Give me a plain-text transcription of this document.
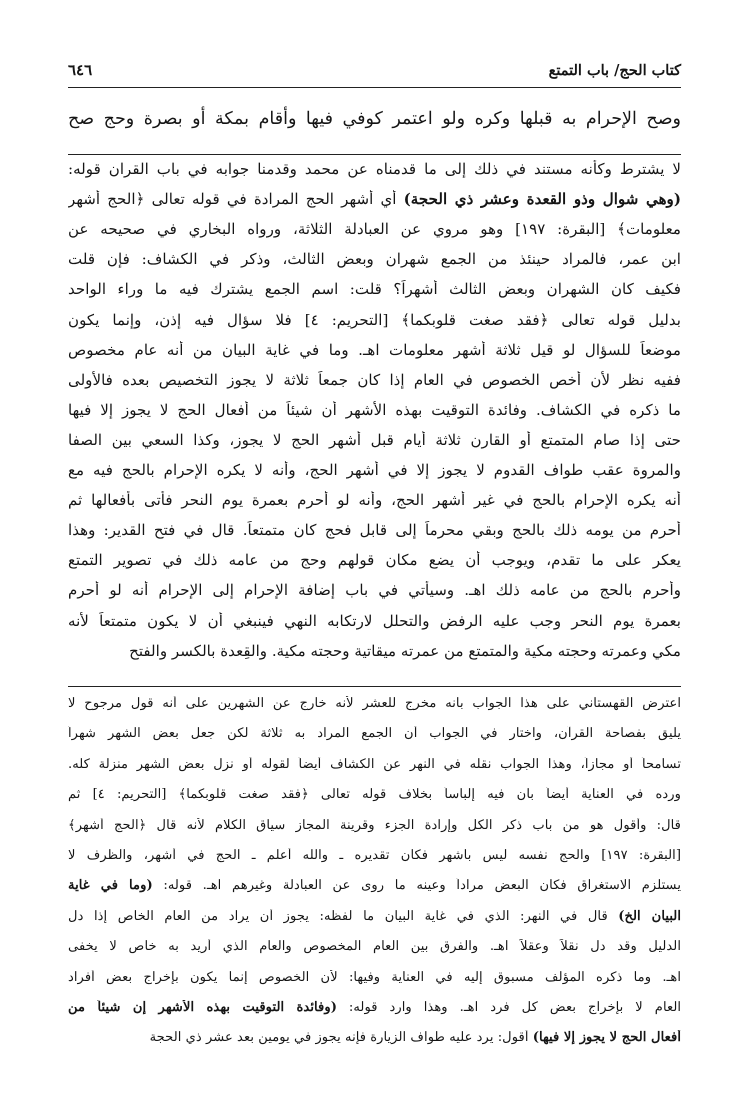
كتاب الحج/ باب التمتع
٦٤٦
وصح الإحرام به قبلها وكره ولو اعتمر كوفي فيها وأقام بمكة أو بصرة وحج صح
لا يشترط وكأنه مستند في ذلك إلى ما قدمناه عن محمد وقدمنا جوابه في باب القران قوله:
(وهي شوال وذو القعدة وعشر ذي الحجة) أي أشهر الحج المرادة في قوله تعالى ﴿الحج أشهر
معلومات﴾ [البقرة: ١٩٧] وهو مروي عن العبادلة الثلاثة، ورواه البخاري في صحيحه عن
ابن عمر، فالمراد حينئذ من الجمع شهران وبعض الثالث، وذكر في الكشاف: فإن قلت
فكيف كان الشهران وبعض الثالث أشهراً؟ قلت: اسم الجمع يشترك فيه ما وراء الواحد
بدليل قوله تعالى ﴿فقد صغت قلوبكما﴾ [التحريم: ٤] فلا سؤال فيه إذن، وإنما يكون
موضعاً للسؤال لو قيل ثلاثة أشهر معلومات اهـ. وما في غاية البيان من أنه عام مخصوص
ففيه نظر لأن أخص الخصوص في العام إذا كان جمعاً ثلاثة لا يجوز التخصيص بعده فالأولى
ما ذكره في الكشاف. وفائدة التوقيت بهذه الأشهر أن شيئاً من أفعال الحج لا يجوز إلا فيها
حتى إذا صام المتمتع أو القارن ثلاثة أيام قبل أشهر الحج لا يجوز، وكذا السعي بين الصفا
والمروة عقب طواف القدوم لا يجوز إلا في أشهر الحج، وأنه لا يكره الإحرام بالحج فيه مع
أنه يكره الإحرام بالحج في غير أشهر الحج، وأنه لو أحرم بعمرة يوم النحر فأتى بأفعالها ثم
أحرم من يومه ذلك بالحج وبقي محرماً إلى قابل فحج كان متمتعاً. قال في فتح القدير: وهذا
يعكر على ما تقدم، ويوجب أن يضع مكان قولهم وحج من عامه ذلك في تصوير التمتع
وأحرم بالحج من عامه ذلك اهـ. وسيأتي في باب إضافة الإحرام إلى الإحرام أنه لو أحرم
بعمرة يوم النحر وجب عليه الرفض والتحلل لارتكابه النهي فينبغي أن لا يكون متمتعاً لأنه
مكي وعمرته وحجته مكية والمتمتع من عمرته ميقاتية وحجته مكية. والقِعدة بالكسر والفتح
اعترض القهستاني على هذا الجواب بأنه مخرج للعشر لأنه خارج عن الشهرين على أنه قول مرجوح لا
يليق بفصاحة القرآن، واختار في الجواب أن الجمع المراد به ثلاثة لكن جعل بعض الشهر شهراً
تسامحاً أو مجازاً، وهذا الجواب نقله في النهر عن الكشاف أيضاً لقوله أو نزل بعض الشهر منزلة كله.
ورده في العناية أيضاً بأن فيه إلباساً بخلاف قوله تعالى ﴿فقد صغت قلوبكما﴾ [التحريم: ٤] ثم
قال: وأقول هو من باب ذكر الكل وإرادة الجزء وقرينة المجاز سياق الكلام لأنه قال ﴿الحج أشهر﴾
[البقرة: ١٩٧] والحج نفسه ليس بأشهر فكان تقديره ـ والله أعلم ـ الحج في أشهر، والظرف لا
يستلزم الاستغراق فكان البعض مراداً وعينه ما روى عن العبادلة وغيرهم اهـ. قوله: (وما في غاية
البيان الخ) قال في النهر: الذي في غاية البيان ما لفظه: يجوز أن يراد من العام الخاص إذا دل
الدليل وقد دل نقلاً وعقلاً اهـ. والفرق بين العام المخصوص والعام الذي أريد به خاص لا يخفى
اهـ. وما ذكره المؤلف مسبوق إليه في العناية وفيها: لأن الخصوص إنما يكون بإخراج بعض أفراد
العام لا بإخراج بعض كل فرد اهـ. وهذا وارد قوله: (وفائدة التوقيت بهذه الأشهر إن شيئاً من
أفعال الحج لا يجوز إلا فيها) أقول: يرد عليه طواف الزيارة فإنه يجوز في يومين بعد عشر ذي الحجة
